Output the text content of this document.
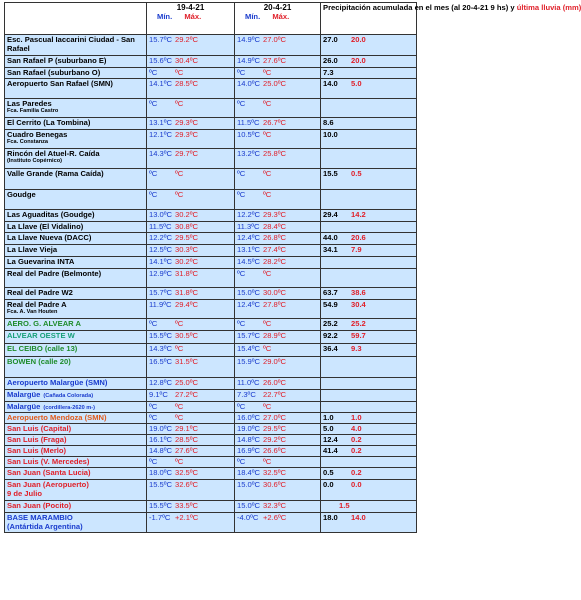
	19-4-21
Mín. Máx.	20-4-21
Mín. Máx.	Precipitación acumulada en el mes (al 20-4-21 9 hs) y última lluvia (mm)

Esc. Pascual Iaccarini Ciudad - San Rafael	15.7ºC 29.2ºC	14.9ºC 27.0ºC	27.0 20.0

San Rafael P (suburbano E)	15.6ºC 30.4ºC	14.9ºC 27.6ºC	26.0 20.0

San Rafael (suburbano O)	ºC ºC	ºC ºC	7.3

Aeropuerto San Rafael (SMN)	14.1ºC 28.5ºC	14.0ºC 25.0ºC	14.0 5.0

Las Paredes
Fca. Familia Castro	ºC ºC	ºC ºC	

El Cerrito (La Tombina)	13.1ºC 29.3ºC	11.5ºC 26.7ºC	8.6

Cuadro Benegas
Fca. Constanza	12.1ºC 29.3ºC	10.5ºC ºC	10.0

Rincón del Atuel-R. Caída
(Instituto Copérnico)	14.3ºC 29.7ºC	13.2ºC 25.8ºC	

Valle Grande (Rama Caída)	ºC ºC	ºC ºC	15.5 0.5

Goudge	ºC ºC	ºC ºC	

Las Aguaditas (Goudge)	13.0ºC 30.2ºC	12.2ºC 29.3ºC	29.4 14.2

La Llave (El Vidalino)	11.5ºC 30.8ºC	11.3ºC 28.4ºC	

La Llave Nueva (DACC)	12.2ºC 29.5ºC	12.4ºC 26.8ºC	44.0 20.6

La Llave Vieja	12.5ºC 30.3ºC	13.1ºC 27.4ºC	34.1 7.9

La Guevarina INTA	14.1ºC 30.2ºC	14.5ºC 28.2ºC	

Real del Padre (Belmonte)	12.9ºC 31.8ºC	ºC ºC	

Real del Padre W2	15.7ºC 31.8ºC	15.0ºC 30.0ºC	63.7 38.6

Real del Padre A
Fca. A. Van Houten	11.9ºC 29.4ºC	12.4ºC 27.8ºC	54.9 30.4

AERO. G. ALVEAR A	ºC ºC	ºC ºC	25.2 25.2

ALVEAR OESTE W	15.5ºC 30.5ºC	15.7ºC 28.9ºC	92.2 59.7

EL CEIBO (calle 13)	14.3ºC ºC	15.4ºC ºC	36.4 9.3

BOWEN (calle 20)	16.5ºC 31.5ºC	15.9ºC 29.0ºC	

Aeropuerto Malargüe (SMN)	12.8ºC 25.0ºC	11.0ºC 26.0ºC	
Malargüe (Cañada Colorada)	9.1ºC 27.2ºC	7.3ºC 22.7ºC	
Malargüe (cordillera-2620 m-)	ºC ºC	ºC ºC	

Aeropuerto Mendoza (SMN)	ºC ºC	16.0ºC 27.0ºC	1.0 1.0

San Luis (Capital)	19.0ºC 29.1ºC	19.0ºC 29.5ºC	5.0 4.0

San Luis (Fraga)	16.1ºC 28.5ºC	14.8ºC 29.2ºC	12.4 0.2

San Luis (Merlo)	14.8ºC 27.6ºC	16.9ºC 26.6ºC	41.4 0.2

San Luis (V. Mercedes)	ºC ºC	ºC ºC	

San Juan (Santa Lucia)	18.0ºC 32.5ºC	18.4ºC 32.5ºC	0.5 0.2

San Juan (Aeropuerto)
9 de Julio	15.5ºC 32.6ºC	15.0ºC 30.6ºC	0.0 0.0

San Juan (Pocito)	15.5ºC 33.5ºC	15.0ºC 32.3ºC	1.5

BASE MARAMBIO
(Antártida Argentina)	-1.7ºC +2.1ºC	-4.0ºC +2.6ºC	18.0 14.0
